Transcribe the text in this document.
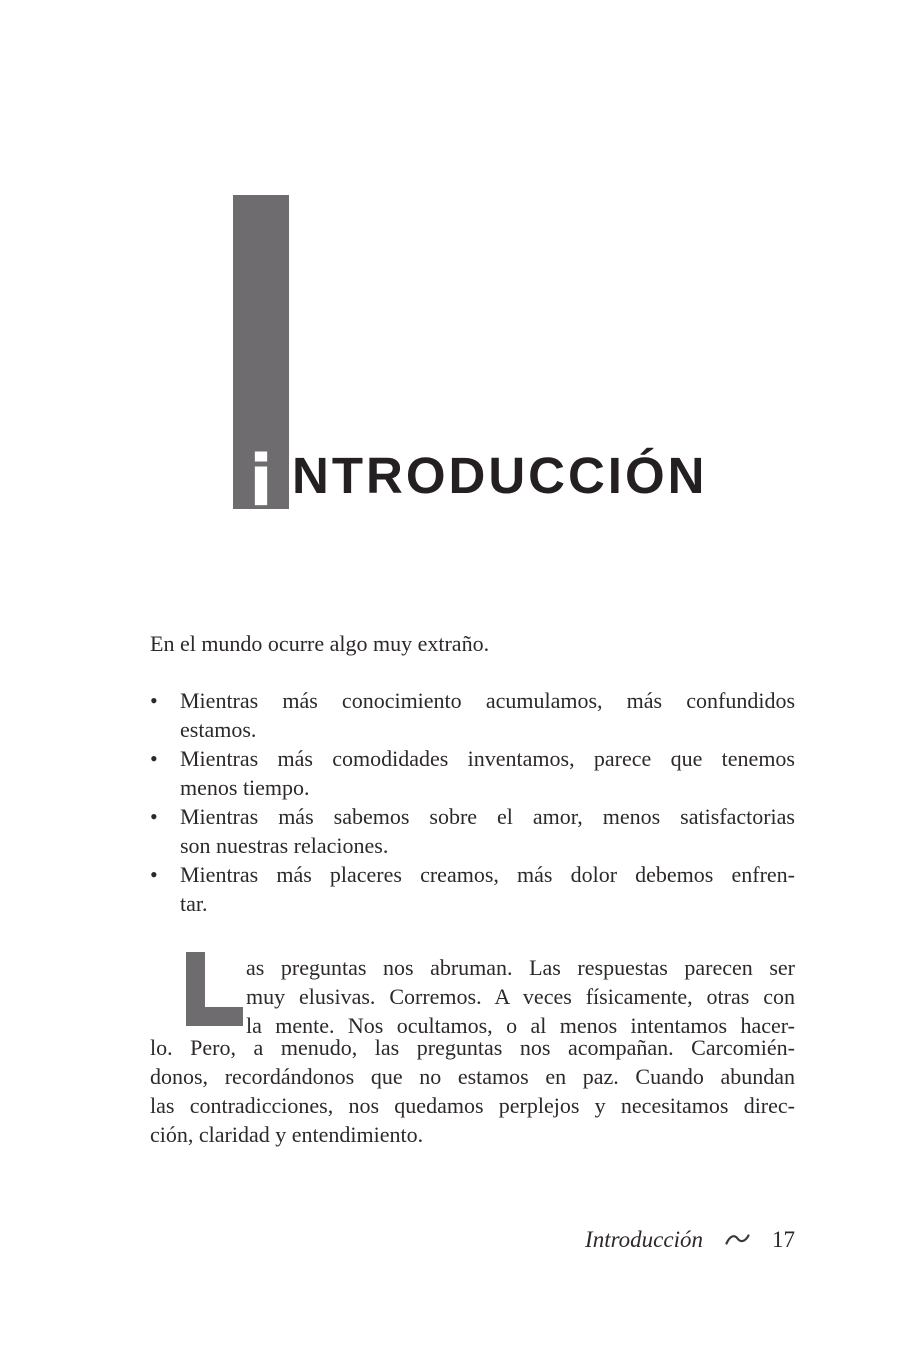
i NTRODUCCIÓN

En el mundo ocurre algo muy extraño.

•	Mientras más conocimiento acumulamos, más confundidos
estamos.
•	Mientras más comodidades inventamos, parece que tenemos
menos tiempo.
•	Mientras más sabemos sobre el amor, menos satisfactorias
son nuestras relaciones.
•	Mientras más placeres creamos, más dolor debemos enfren-
tar.
as preguntas nos abruman. Las respuestas parecen ser
muy elusivas. Corremos. A veces físicamente, otras con
la mente. Nos ocultamos, o al menos intentamos hacer-
lo. Pero, a menudo, las preguntas nos acompañan. Carcomién-
donos, recordándonos que no estamos en paz. Cuando abundan
las contradicciones, nos quedamos perplejos y necesitamos direc-
ción, claridad y entendimiento.
Introducción	17
